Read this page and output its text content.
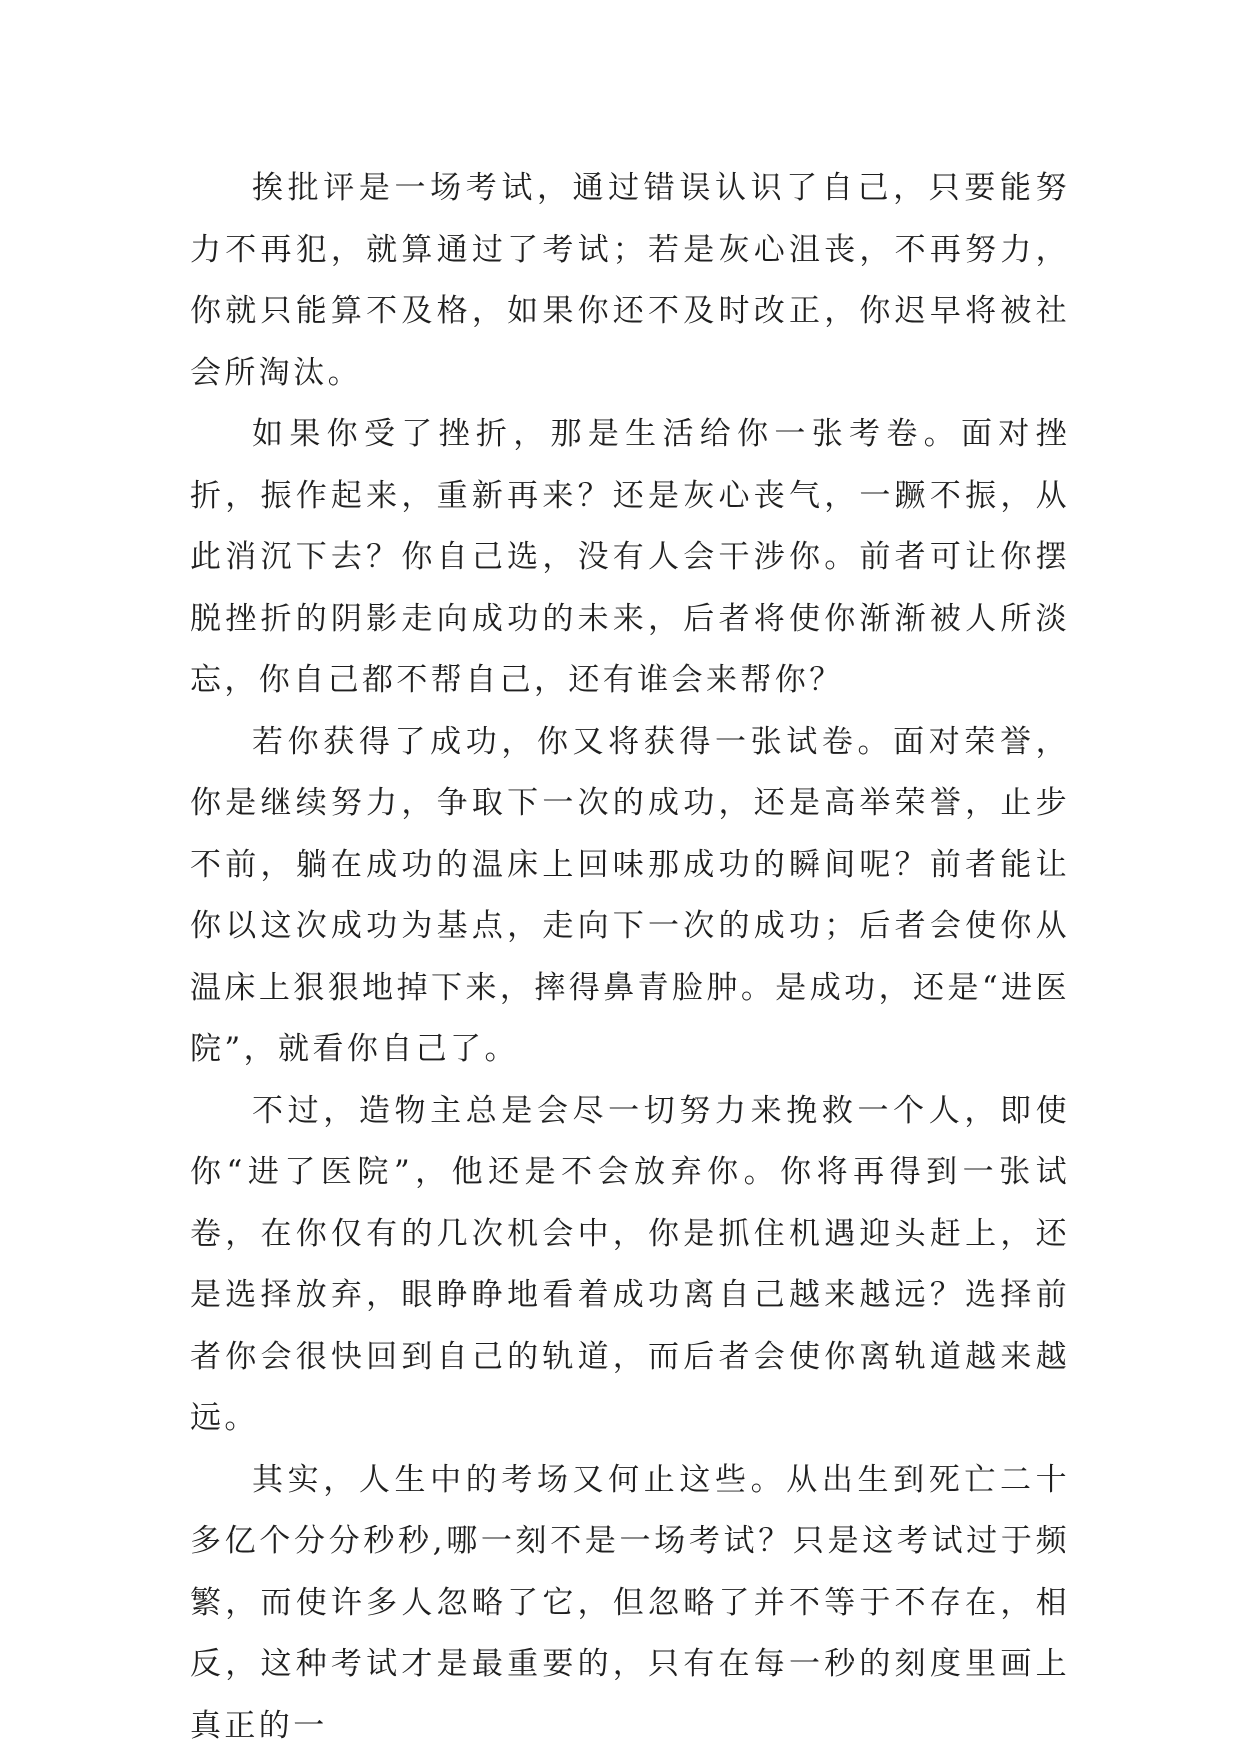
挨批评是一场考试，通过错误认识了自己，只要能努力不再犯，就算通过了考试；若是灰心沮丧，不再努力，你就只能算不及格，如果你还不及时改正，你迟早将被社会所淘汰。

如果你受了挫折，那是生活给你一张考卷。面对挫折，振作起来，重新再来？还是灰心丧气，一蹶不振，从此消沉下去？你自己选，没有人会干涉你。前者可让你摆脱挫折的阴影走向成功的未来，后者将使你渐渐被人所淡忘，你自己都不帮自己，还有谁会来帮你？

若你获得了成功，你又将获得一张试卷。面对荣誉，你是继续努力，争取下一次的成功，还是高举荣誉，止步不前，躺在成功的温床上回味那成功的瞬间呢？前者能让你以这次成功为基点，走向下一次的成功；后者会使你从温床上狠狠地掉下来，摔得鼻青脸肿。是成功，还是“进医院”，就看你自己了。

不过，造物主总是会尽一切努力来挽救一个人，即使你“进了医院”，他还是不会放弃你。你将再得到一张试卷，在你仅有的几次机会中，你是抓住机遇迎头赶上，还是选择放弃，眼睁睁地看着成功离自己越来越远？选择前者你会很快回到自己的轨道，而后者会使你离轨道越来越远。

其实，人生中的考场又何止这些。从出生到死亡二十多亿个分分秒秒,哪一刻不是一场考试？只是这考试过于频繁，而使许多人忽略了它，但忽略了并不等于不存在，相反，这种考试才是最重要的，只有在每一秒的刻度里画上真正的一
